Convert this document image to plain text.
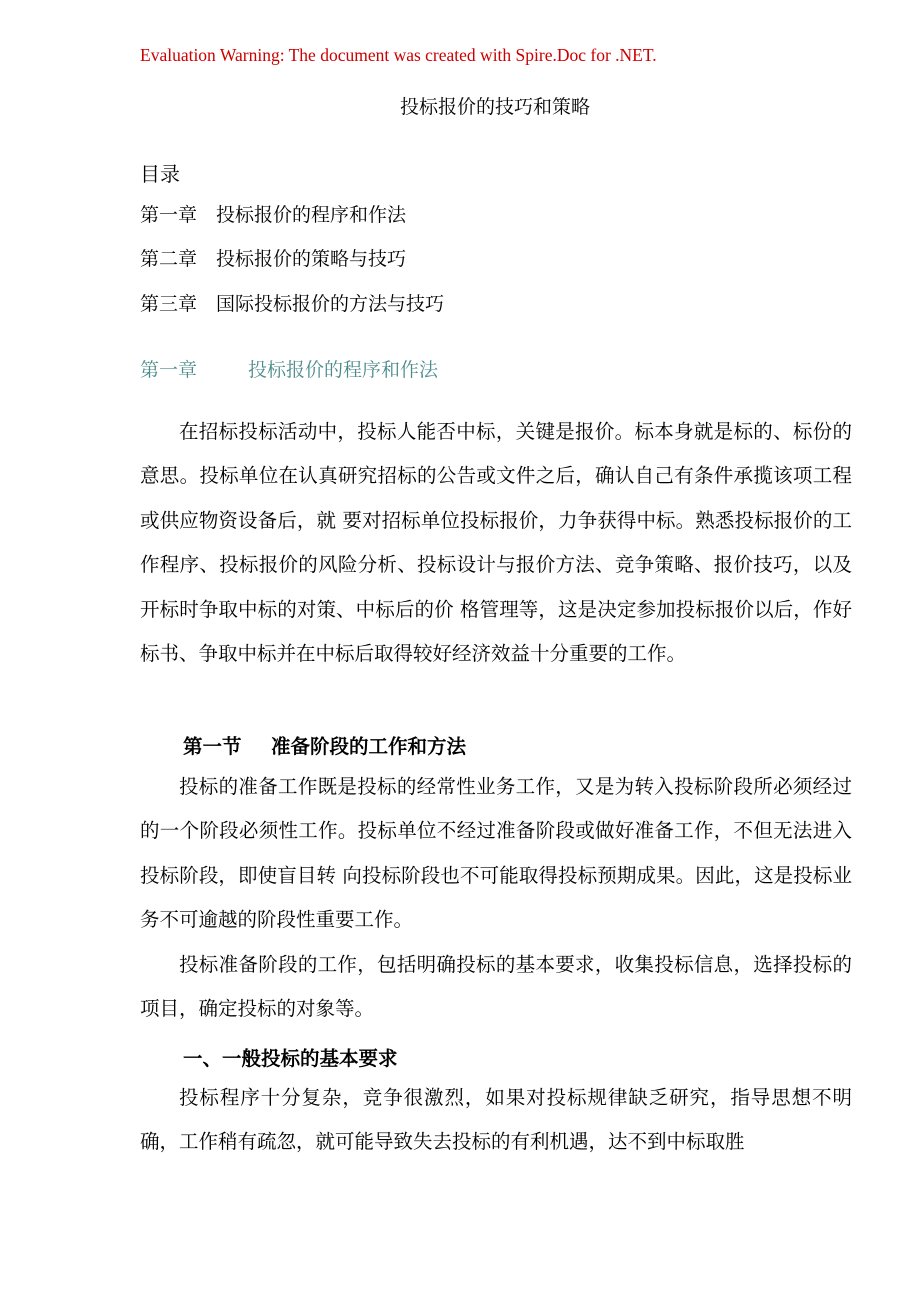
Evaluation Warning: The document was created with Spire.Doc for .NET.
投标报价的技巧和策略
目录
第一章 投标报价的程序和作法
第二章 投标报价的策略与技巧
第三章 国际投标报价的方法与技巧
第一章	投标报价的程序和作法

在招标投标活动中，投标人能否中标，关键是报价。标本身就是标的、标份的意思。投标单位在认真研究招标的公告或文件之后，确认自己有条件承揽该项工程或供应物资设备后，就 要对招标单位投标报价，力争获得中标。熟悉投标报价的工作程序、投标报价的风险分析、投标设计与报价方法、竞争策略、报价技巧，以及开标时争取中标的对策、中标后的价 格管理等，这是决定参加投标报价以后，作好标书、争取中标并在中标后取得较好经济效益十分重要的工作。

第一节 准备阶段的工作和方法

投标的准备工作既是投标的经常性业务工作，又是为转入投标阶段所必须经过的一个阶段必须性工作。投标单位不经过准备阶段或做好准备工作，不但无法进入投标阶段，即使盲目转 向投标阶段也不可能取得投标预期成果。因此，这是投标业务不可逾越的阶段性重要工作。

投标准备阶段的工作，包括明确投标的基本要求，收集投标信息，选择投标的项目，确定投标的对象等。

一、一般投标的基本要求

投标程序十分复杂，竞争很激烈，如果对投标规律缺乏研究，指导思想不明确，工作稍有疏忽，就可能导致失去投标的有利机遇，达不到中标取胜
